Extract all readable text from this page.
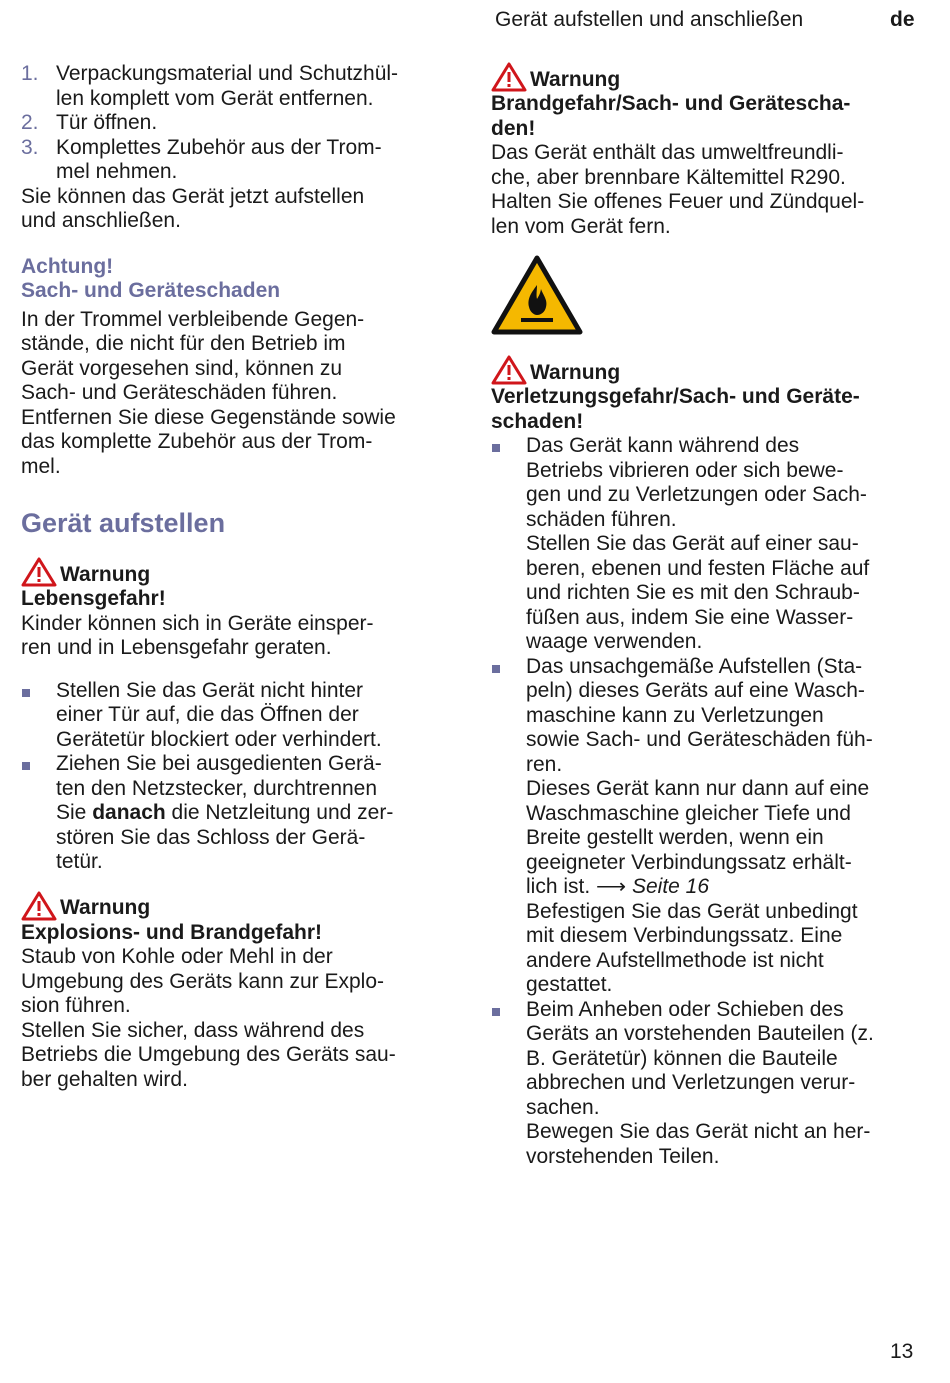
Gerät aufstellen und anschließen	de
1. Verpackungsmaterial und Schutzhül-
len komplett vom Gerät entfernen.
2. Tür öffnen.
3. Komplettes Zubehör aus der Trom-
mel nehmen.

Sie können das Gerät jetzt aufstellen
und anschließen.

Achtung!
Sach- und Geräteschaden

In der Trommel verbleibende Gegen-
stände, die nicht für den Betrieb im
Gerät vorgesehen sind, können zu
Sach- und Geräteschäden führen.
Entfernen Sie diese Gegenstände sowie
das komplette Zubehör aus der Trom-
mel.

Gerät aufstellen
Warnung
Lebensgefahr!

Kinder können sich in Geräte einsper-
ren und in Lebensgefahr geraten.

Stellen Sie das Gerät nicht hinter
einer Tür auf, die das Öffnen der
Gerätetür blockiert oder verhindert.
Ziehen Sie bei ausgedienten Gerä-
ten den Netzstecker, durchtrennen
Sie danach die Netzleitung und zer-
stören Sie das Schloss der Gerä-
tetür.
Warnung
Explosions- und Brandgefahr!

Staub von Kohle oder Mehl in der
Umgebung des Geräts kann zur Explo-
sion führen.
Stellen Sie sicher, dass während des
Betriebs die Umgebung des Geräts sau-
ber gehalten wird.

Warnung
Brandgefahr/Sach- und Gerätescha-
den!

Das Gerät enthält das umweltfreundli-
che, aber brennbare Kältemittel R290.
Halten Sie offenes Feuer und Zündquel-
len vom Gerät fern.

Warnung
Verletzungsgefahr/Sach- und Geräte-
schaden!
Das Gerät kann während des
Betriebs vibrieren oder sich bewe-
gen und zu Verletzungen oder Sach-
schäden führen.
Stellen Sie das Gerät auf einer sau-
beren, ebenen und festen Fläche auf
und richten Sie es mit den Schraub-
füßen aus, indem Sie eine Wasser-
waage verwenden.
Das unsachgemäße Aufstellen (Sta-
peln) dieses Geräts auf eine Wasch-
maschine kann zu Verletzungen
sowie Sach- und Geräteschäden füh-
ren.
Dieses Gerät kann nur dann auf eine
Waschmaschine gleicher Tiefe und
Breite gestellt werden, wenn ein
geeigneter Verbindungssatz erhält-
lich ist. ⟶ Seite 16
Befestigen Sie das Gerät unbedingt
mit diesem Verbindungssatz. Eine
andere Aufstellmethode ist nicht
gestattet.
Beim Anheben oder Schieben des
Geräts an vorstehenden Bauteilen (z.
B. Gerätetür) können die Bauteile
abbrechen und Verletzungen verur-
sachen.
Bewegen Sie das Gerät nicht an her-
vorstehenden Teilen.
13
